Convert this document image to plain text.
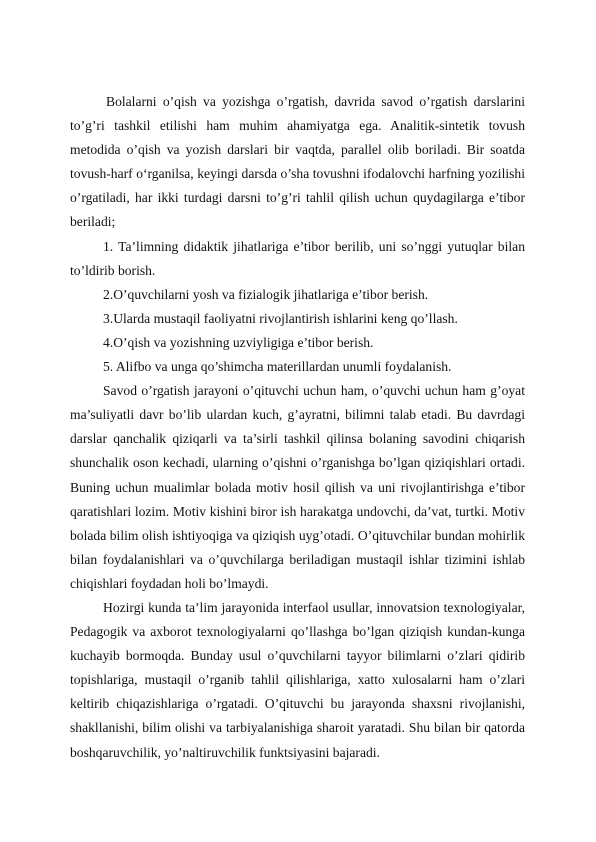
Bolalarni o’qish va yozishga o’rgatish, davrida savod o’rgatish darslarini to’g’ri tashkil etilishi ham muhim ahamiyatga ega. Analitik-sintetik tovush metodida o’qish va yozish darslari bir vaqtda, parallel olib boriladi. Bir soatda tovush-harf o‘rganilsa, keyingi darsda o’sha tovushni ifodalovchi harfning yozilishi o’rgatiladi, har ikki turdagi darsni to’g’ri tahlil qilish uchun quydagilarga e’tibor beriladi;

1. Ta’limning didaktik jihatlariga e’tibor berilib, uni so’nggi yutuqlar bilan to’ldirib borish.

2.O’quvchilarni yosh va fizialogik jihatlariga e’tibor berish.

3.Ularda mustaqil faoliyatni rivojlantirish ishlarini keng qo’llash.

4.O’qish va yozishning uzviyligiga e’tibor berish.

5. Alifbo va unga qo’shimcha materillardan unumli foydalanish.

Savod o’rgatish jarayoni o’qituvchi uchun ham, o’quvchi uchun ham g’oyat ma’suliyatli davr bo’lib ulardan kuch, g’ayratni, bilimni talab etadi. Bu davrdagi darslar qanchalik qiziqarli va ta’sirli tashkil qilinsa bolaning savodini chiqarish shunchalik oson kechadi, ularning o’qishni o’rganishga bo’lgan qiziqishlari ortadi. Buning uchun mualimlar bolada motiv hosil qilish va uni rivojlantirishga e’tibor qaratishlari lozim. Motiv kishini biror ish harakatga undovchi, da’vat, turtki. Motiv bolada bilim olish ishtiyoqiga va qiziqish uyg’otadi. O’qituvchilar bundan mohirlik bilan foydalanishlari va o’quvchilarga beriladigan mustaqil ishlar tizimini ishlab chiqishlari foydadan holi bo’lmaydi.

Hozirgi kunda ta’lim jarayonida interfaol usullar, innovatsion texnologiyalar, Pedagogik va axborot texnologiyalarni qo’llashga bo’lgan qiziqish kundan-kunga kuchayib bormoqda. Bunday usul o’quvchilarni tayyor bilimlarni o’zlari qidirib topishlariga, mustaqil o’rganib tahlil qilishlariga, xatto xulosalarni ham o’zlari keltirib chiqazishlariga o’rgatadi. O’qituvchi bu jarayonda shaxsni rivojlanishi, shakllanishi, bilim olishi va tarbiyalanishiga sharoit yaratadi. Shu bilan bir qatorda boshqaruvchilik, yo’naltiruvchilik funktsiyasini bajaradi.
